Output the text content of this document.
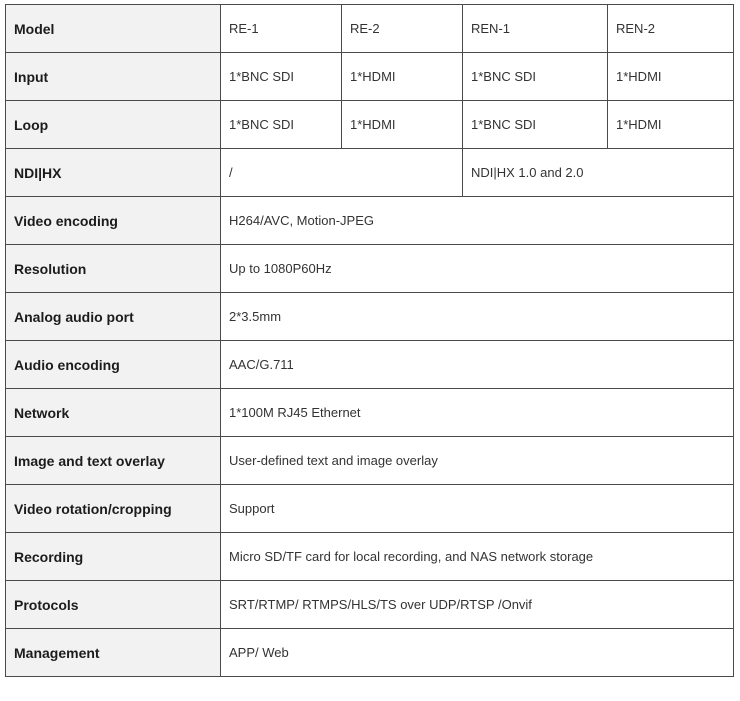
Model	RE-1	RE-2	REN-1	REN-2
Input	1*BNC SDI	1*HDMI	1*BNC SDI	1*HDMI
Loop	1*BNC SDI	1*HDMI	1*BNC SDI	1*HDMI
NDI|HX	/		NDI|HX 1.0 and 2.0	
Video encoding	H264/AVC, Motion-JPEG			
Resolution	Up to 1080P60Hz			
Analog audio port	2*3.5mm			
Audio encoding	AAC/G.711			
Network	1*100M RJ45 Ethernet			
Image and text overlay	User-defined text and image overlay			
Video rotation/cropping	Support			
Recording	Micro SD/TF card for local recording, and NAS network storage			
Protocols	SRT/RTMP/ RTMPS/HLS/TS over UDP/RTSP /Onvif			
Management	APP/ Web			
